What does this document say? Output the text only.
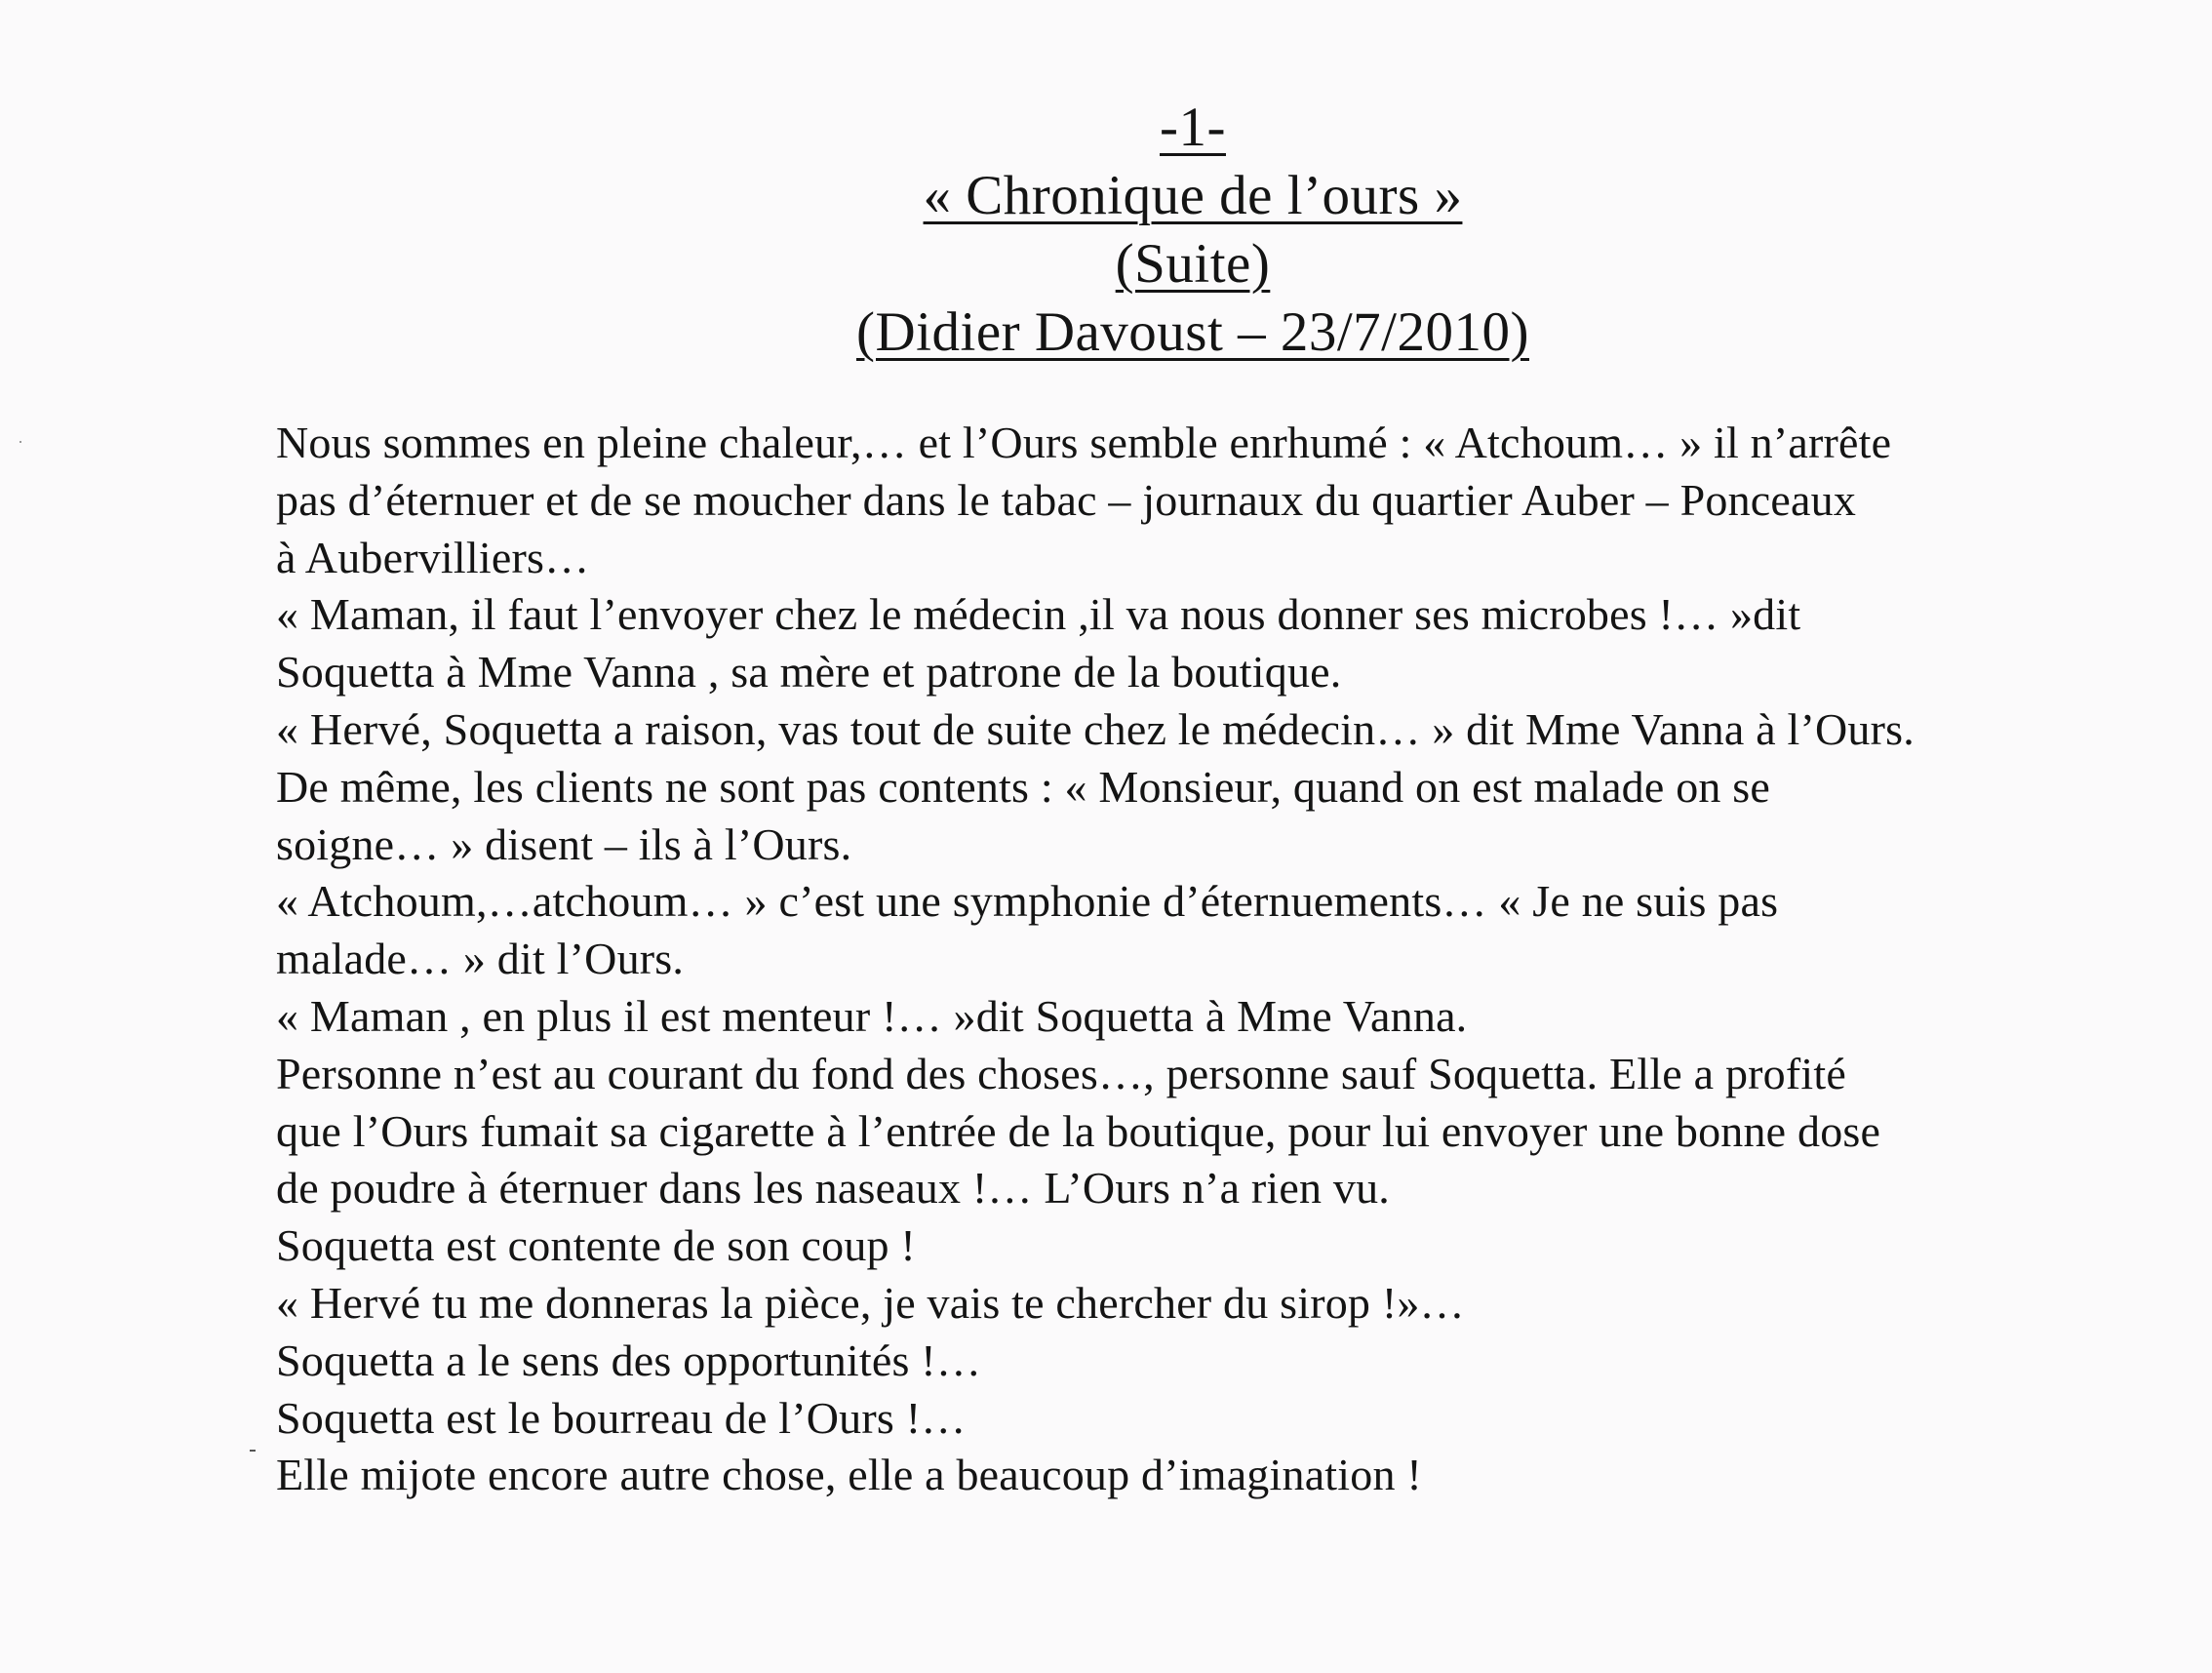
-1-
« Chronique de l’ours »
(Suite)
(Didier Davoust – 23/7/2010)
Nous sommes en pleine chaleur,… et l’Ours semble enrhumé : « Atchoum… » il n’arrête
pas d’éternuer et de se moucher dans le tabac – journaux du quartier Auber – Ponceaux
à Aubervilliers…
« Maman, il faut l’envoyer chez le médecin ,il va nous donner ses microbes !… »dit
Soquetta à Mme Vanna , sa mère et patrone de la boutique.
« Hervé, Soquetta a raison, vas tout de suite chez le médecin… » dit Mme Vanna à l’Ours.
De même, les clients ne sont pas contents : « Monsieur, quand on est malade on se
soigne… » disent – ils à l’Ours.
« Atchoum,…atchoum… » c’est une symphonie d’éternuements… « Je ne suis pas
malade… » dit l’Ours.
« Maman , en plus il est menteur !… »dit Soquetta à Mme Vanna.
Personne n’est au courant du fond des choses…, personne sauf Soquetta. Elle a profité
que l’Ours fumait sa cigarette à l’entrée de la boutique, pour lui envoyer une bonne dose
de poudre à éternuer dans les naseaux !… L’Ours n’a rien vu.
Soquetta est contente de son coup !
« Hervé tu me donneras la pièce, je vais te chercher du sirop !»…
Soquetta a le sens des opportunités !…
Soquetta est le bourreau de l’Ours !…
Elle mijote encore autre chose, elle a beaucoup d’imagination !
